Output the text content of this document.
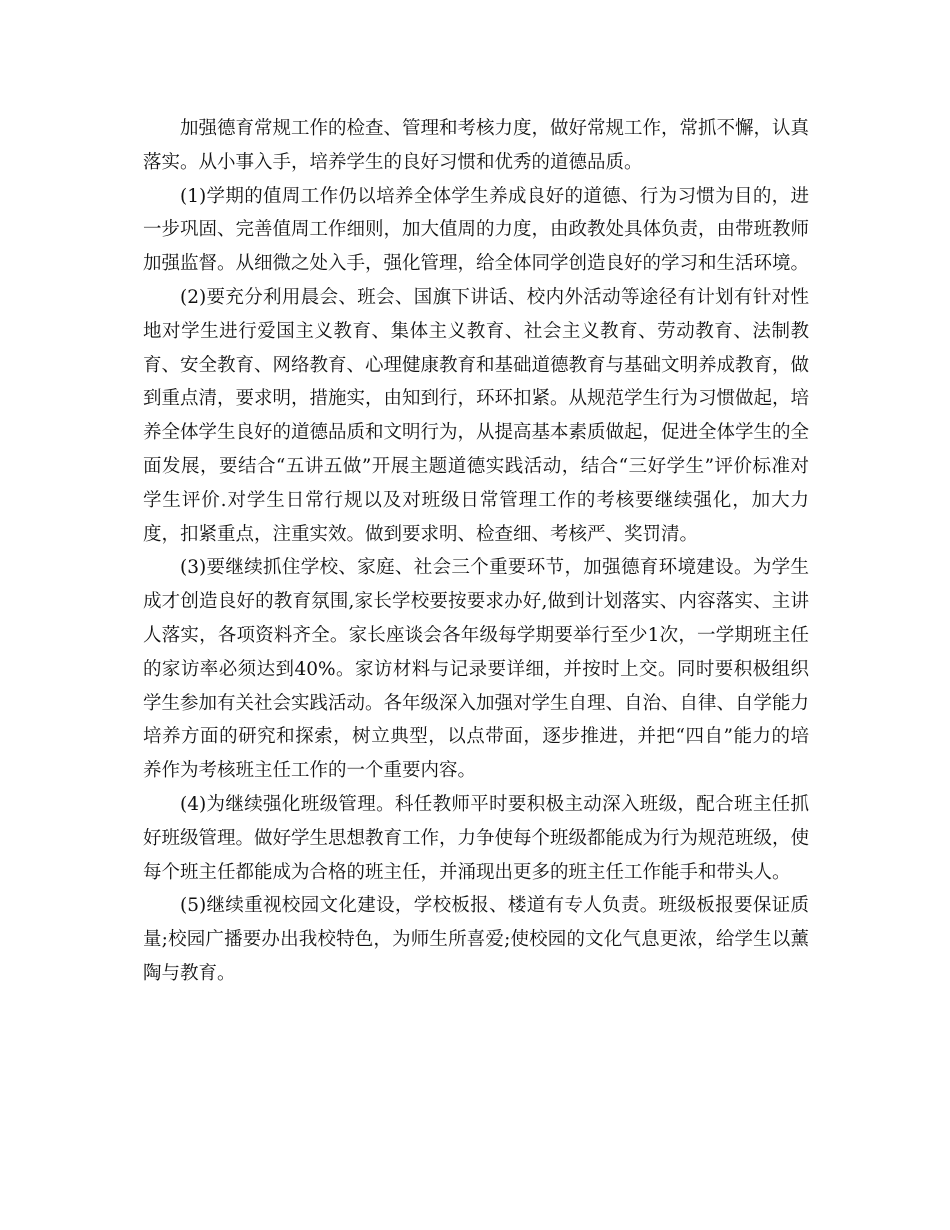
加强德育常规工作的检查、管理和考核力度，做好常规工作，常抓不懈，认真落实。从小事入手，培养学生的良好习惯和优秀的道德品质。

(1)学期的值周工作仍以培养全体学生养成良好的道德、行为习惯为目的，进一步巩固、完善值周工作细则，加大值周的力度，由政教处具体负责，由带班教师加强监督。从细微之处入手，强化管理，给全体同学创造良好的学习和生活环境。

(2)要充分利用晨会、班会、国旗下讲话、校内外活动等途径有计划有针对性地对学生进行爱国主义教育、集体主义教育、社会主义教育、劳动教育、法制教育、安全教育、网络教育、心理健康教育和基础道德教育与基础文明养成教育，做到重点清，要求明，措施实，由知到行，环环扣紧。从规范学生行为习惯做起，培养全体学生良好的道德品质和文明行为，从提高基本素质做起，促进全体学生的全面发展，要结合“五讲五做”开展主题道德实践活动，结合“三好学生”评价标准对学生评价.对学生日常行规以及对班级日常管理工作的考核要继续强化，加大力度，扣紧重点，注重实效。做到要求明、检查细、考核严、奖罚清。

(3)要继续抓住学校、家庭、社会三个重要环节，加强德育环境建设。为学生成才创造良好的教育氛围,家长学校要按要求办好,做到计划落实、内容落实、主讲人落实，各项资料齐全。家长座谈会各年级每学期要举行至少1次，一学期班主任的家访率必须达到40%。家访材料与记录要详细，并按时上交。同时要积极组织学生参加有关社会实践活动。各年级深入加强对学生自理、自治、自律、自学能力培养方面的研究和探索，树立典型，以点带面，逐步推进，并把“四自”能力的培养作为考核班主任工作的一个重要内容。

(4)为继续强化班级管理。科任教师平时要积极主动深入班级，配合班主任抓好班级管理。做好学生思想教育工作，力争使每个班级都能成为行为规范班级，使每个班主任都能成为合格的班主任，并涌现出更多的班主任工作能手和带头人。

(5)继续重视校园文化建设，学校板报、楼道有专人负责。班级板报要保证质量;校园广播要办出我校特色，为师生所喜爱;使校园的文化气息更浓，给学生以薰陶与教育。
